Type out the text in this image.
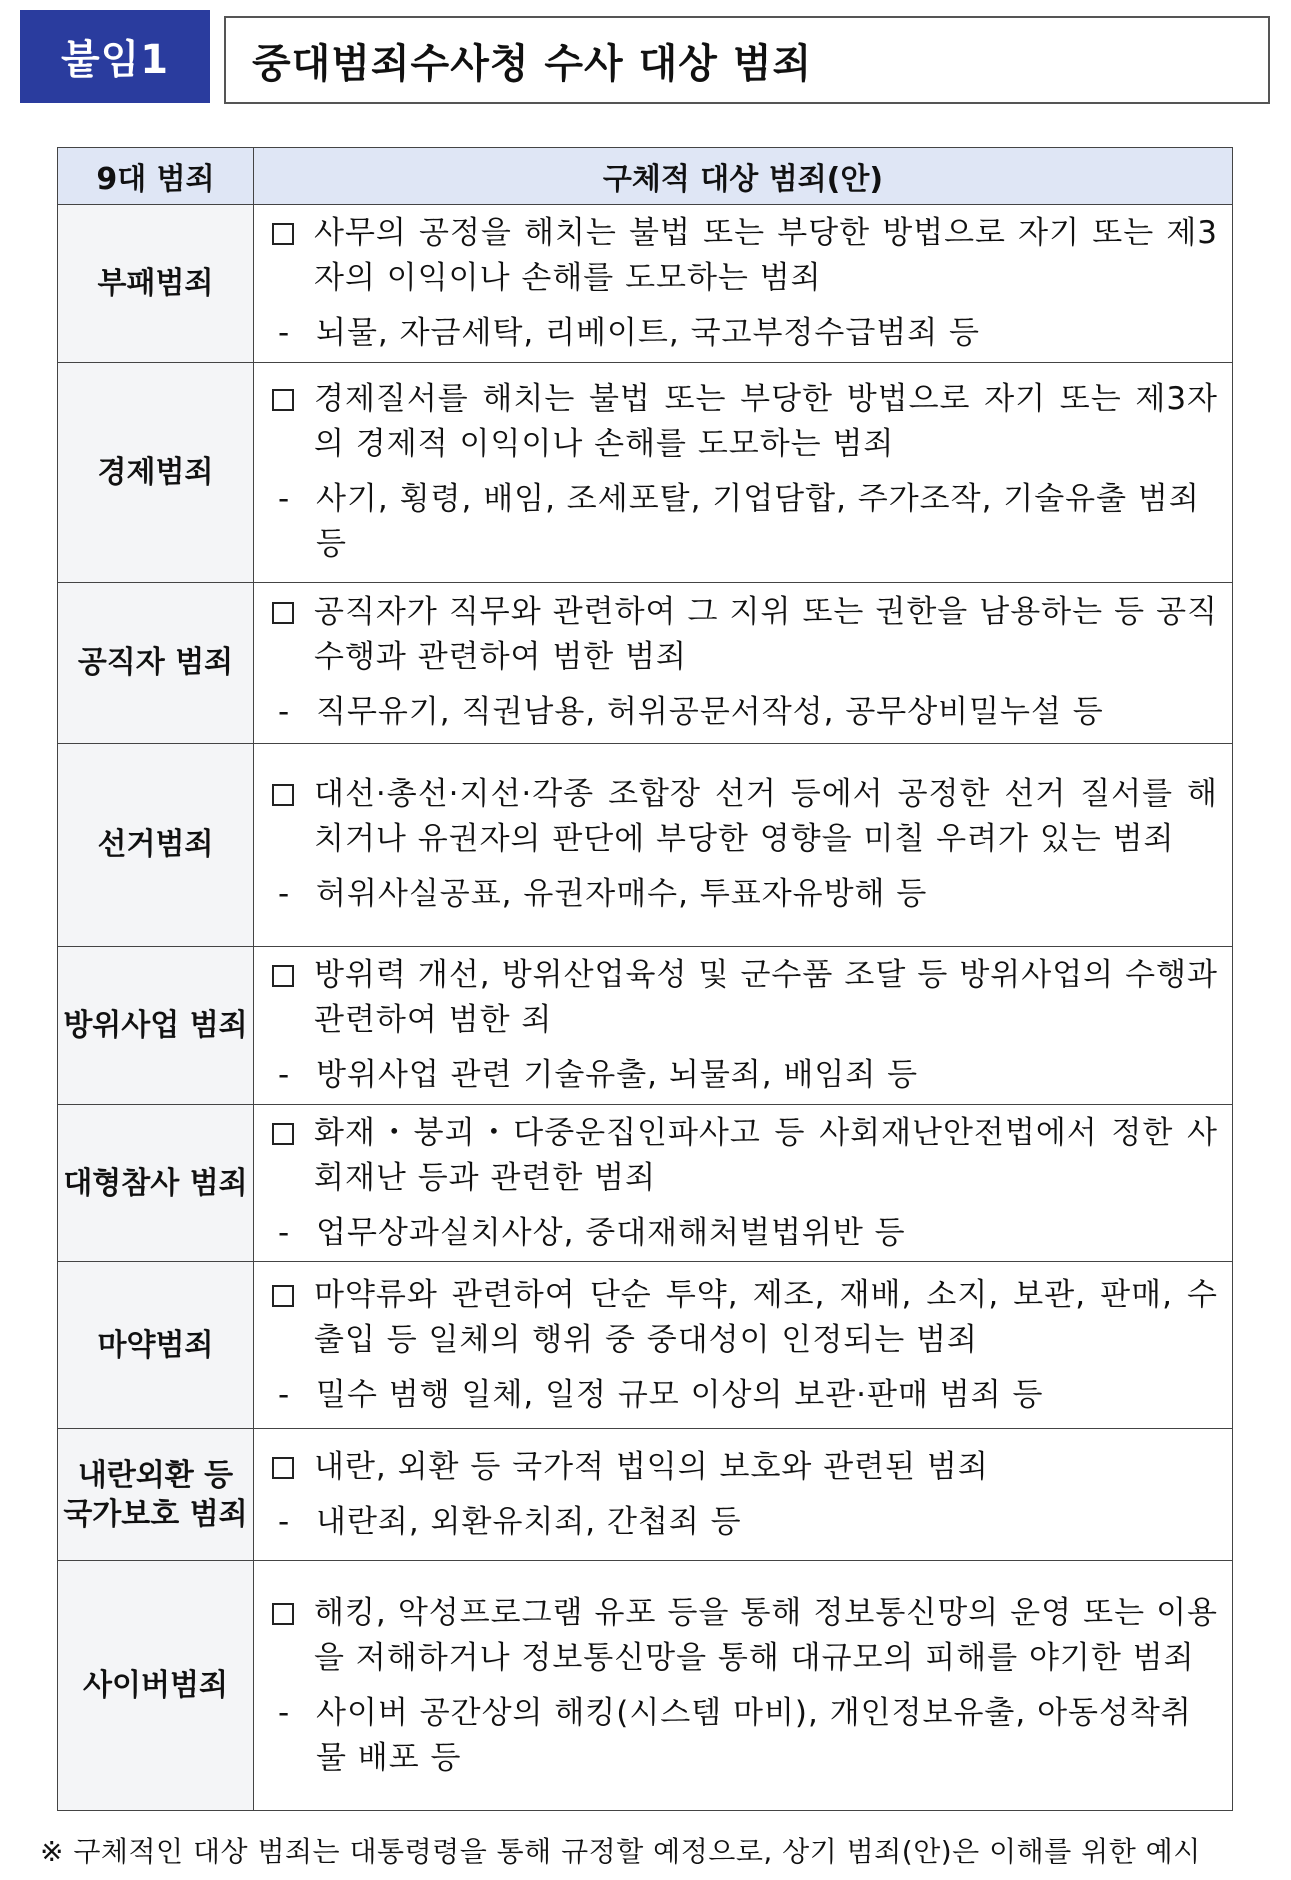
붙임1	중대범죄수사청 수사 대상 범죄
9대 범죄	구체적 대상 범죄(안)
부패범죄	사무의 공정을 해치는 불법 또는 부당한 방법으로 자기 또는 제3자의 이익이나 손해를 도모하는 범죄
- 뇌물, 자금세탁, 리베이트, 국고부정수급범죄 등

경제범죄	경제질서를 해치는 불법 또는 부당한 방법으로 자기 또는 제3자의 경제적 이익이나 손해를 도모하는 범죄
- 사기, 횡령, 배임, 조세포탈, 기업담합, 주가조작, 기술유출 범죄 등

공직자 범죄	공직자가 직무와 관련하여 그 지위 또는 권한을 남용하는 등 공직 수행과 관련하여 범한 범죄
- 직무유기, 직권남용, 허위공문서작성, 공무상비밀누설 등

선거범죄	대선·총선·지선·각종 조합장 선거 등에서 공정한 선거 질서를 해치거나 유권자의 판단에 부당한 영향을 미칠 우려가 있는 범죄
- 허위사실공표, 유권자매수, 투표자유방해 등

방위사업 범죄	방위력 개선, 방위산업육성 및 군수품 조달 등 방위사업의 수행과 관련하여 범한 죄
- 방위사업 관련 기술유출, 뇌물죄, 배임죄 등

대형참사 범죄	화재・붕괴・다중운집인파사고 등 사회재난안전법에서 정한 사회재난 등과 관련한 범죄
- 업무상과실치사상, 중대재해처벌법위반 등

마약범죄	마약류와 관련하여 단순 투약, 제조, 재배, 소지, 보관, 판매, 수출입 등 일체의 행위 중 중대성이 인정되는 범죄
- 밀수 범행 일체, 일정 규모 이상의 보관·판매 범죄 등

내란외환 등 국가보호 범죄	내란, 외환 등 국가적 법익의 보호와 관련된 범죄
- 내란죄, 외환유치죄, 간첩죄 등

사이버범죄	해킹, 악성프로그램 유포 등을 통해 정보통신망의 운영 또는 이용을 저해하거나 정보통신망을 통해 대규모의 피해를 야기한 범죄
- 사이버 공간상의 해킹(시스템 마비), 개인정보유출, 아동성착취물 배포 등
※ 구체적인 대상 범죄는 대통령령을 통해 규정할 예정으로, 상기 범죄(안)은 이해를 위한 예시
